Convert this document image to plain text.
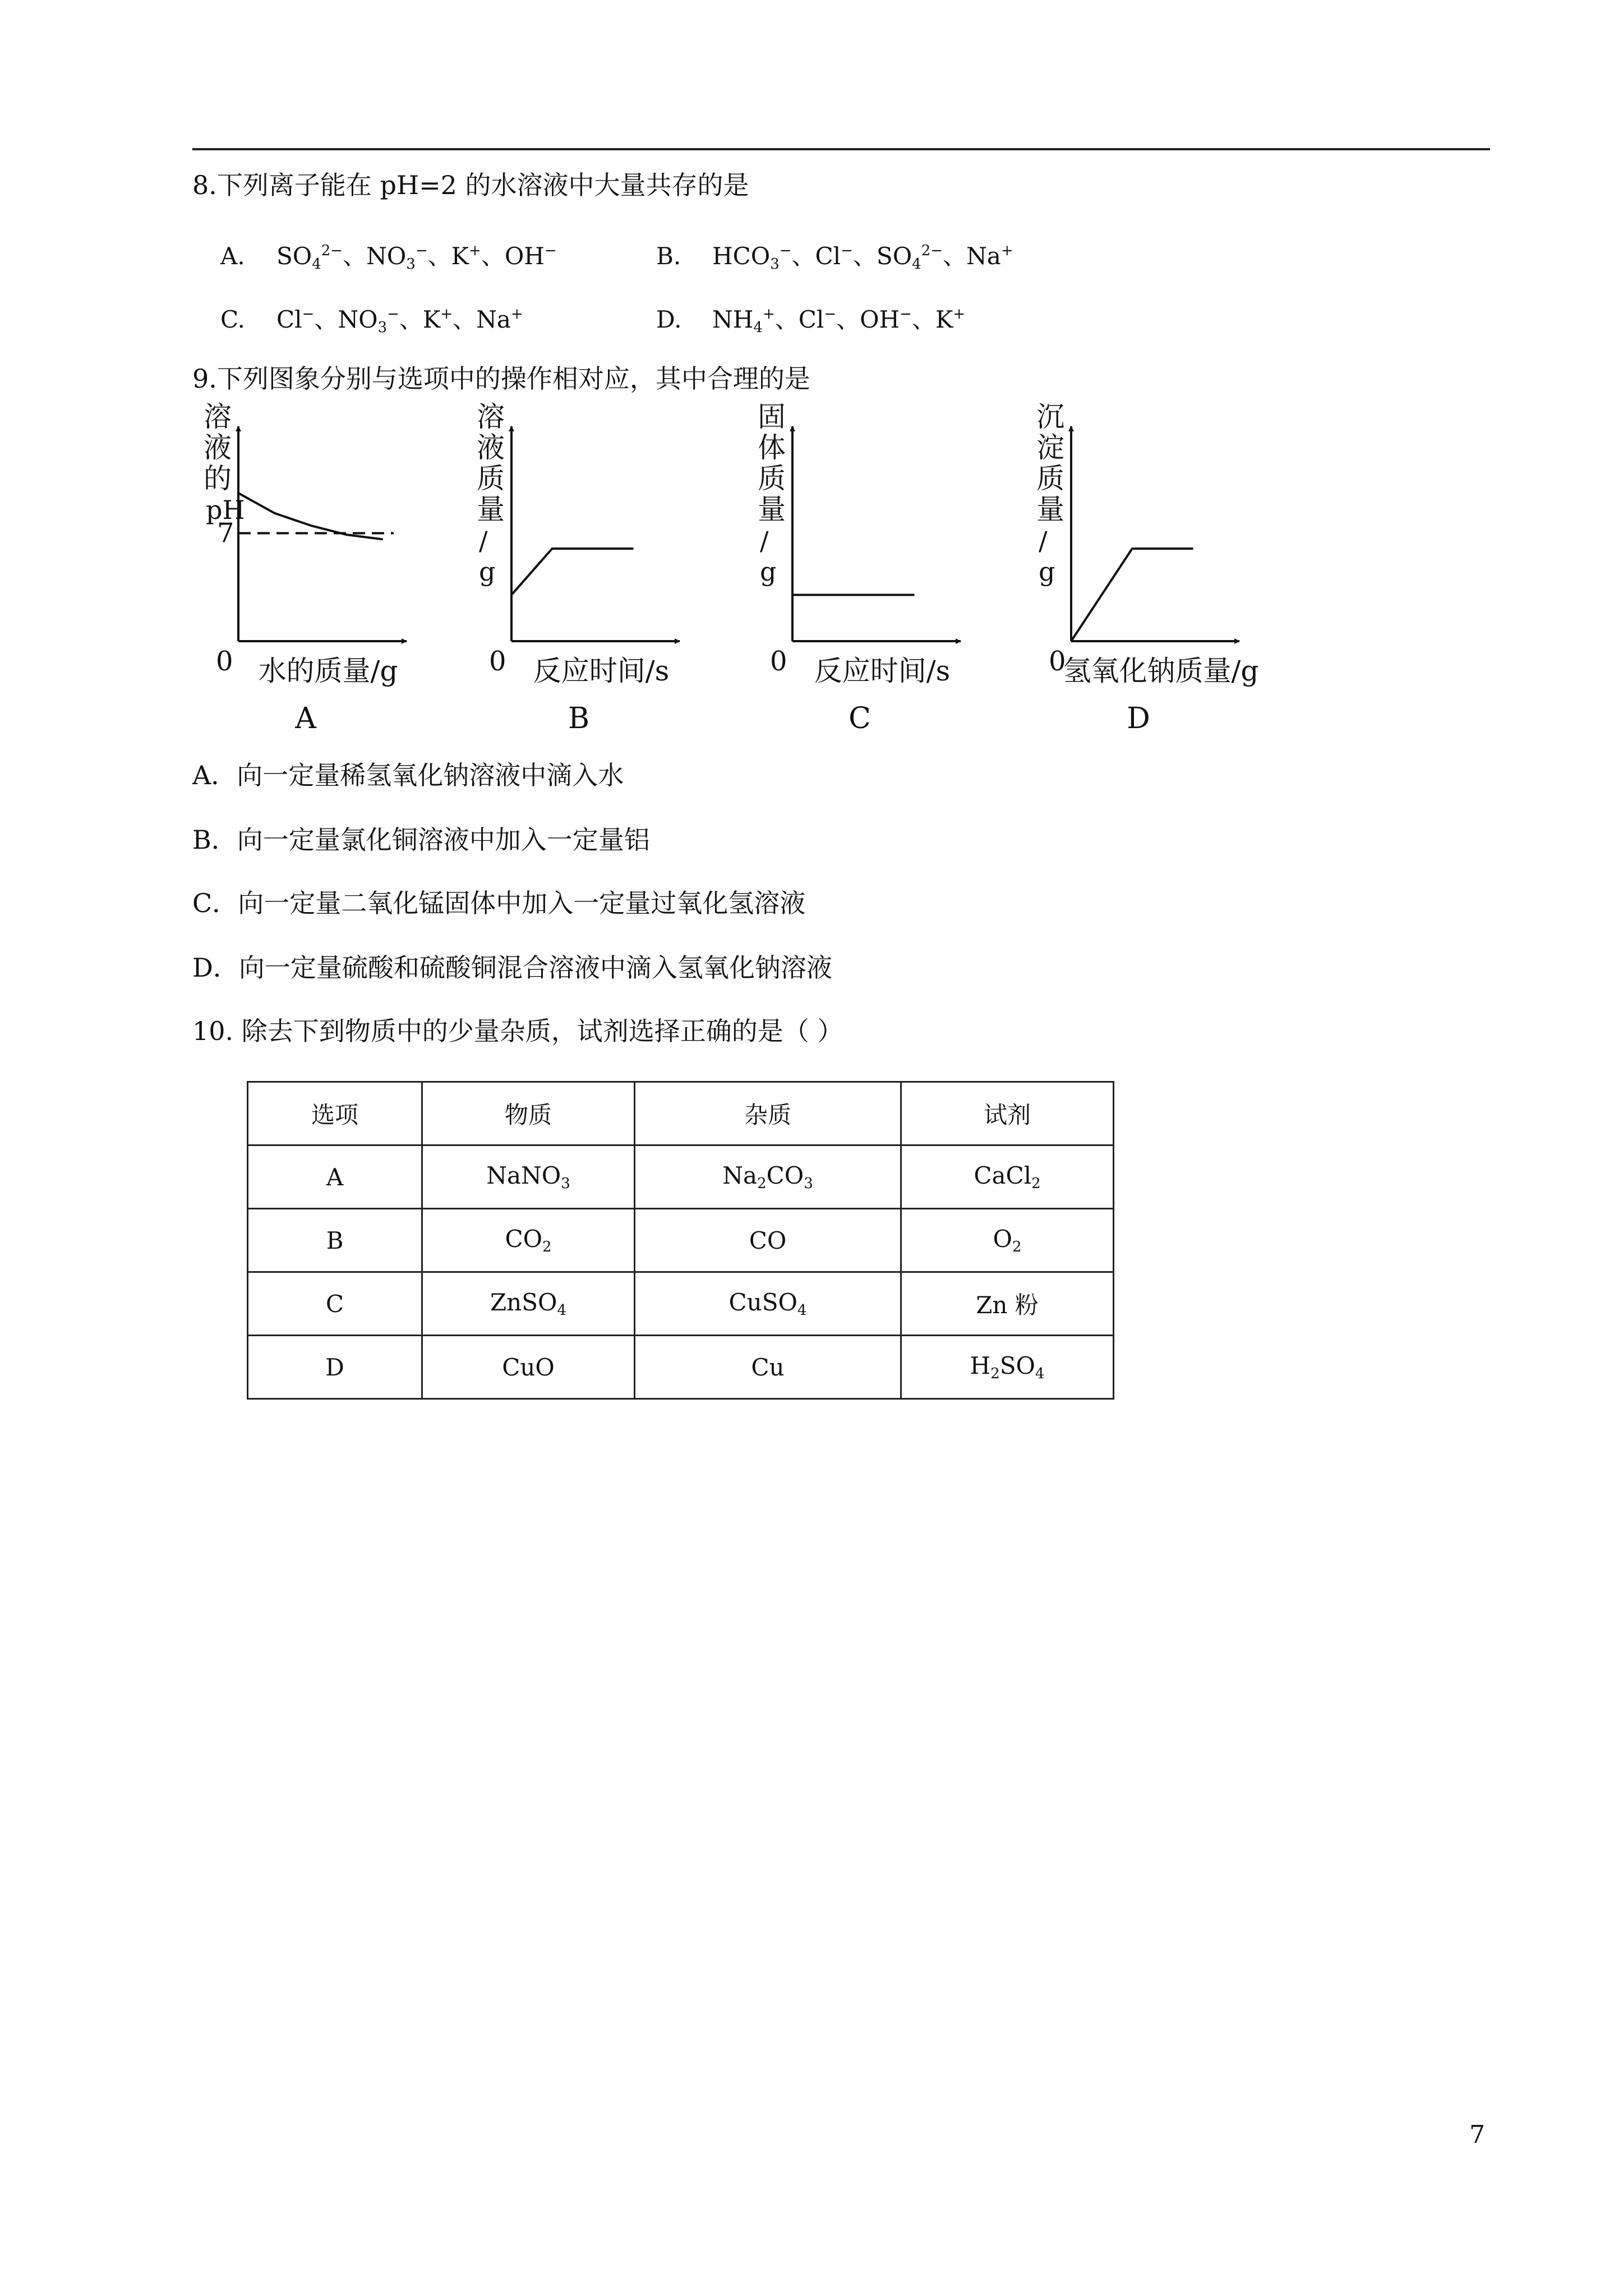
8.下列离子能在 pH=2 的水溶液中大量共存的是
A. $SO_4^{2-}$、$NO_3^-$、K+、OH−	B. $HCO_3^-$、Cl−、$SO_4^{2-}$、Na+
C. Cl−、$NO_3^-$、K+、Na+	D. $NH_4^+$、Cl−、OH−、K+
9.下列图象分别与选项中的操作相对应，其中合理的是
0
7
溶
液
的
pH
水的质量/g
A
0
溶
液
质
量
/
g
反应时间/s
B
0
固
体
质
量
/
g
反应时间/s
C
0
沉
淀
质
量
/
g
氢氧化钠质量/g
D
A．向一定量稀氢氧化钠溶液中滴入水
B．向一定量氯化铜溶液中加入一定量铝
C．向一定量二氧化锰固体中加入一定量过氧化氢溶液
D．向一定量硫酸和硫酸铜混合溶液中滴入氢氧化钠溶液
10. 除去下到物质中的少量杂质，试剂选择正确的是（ ）
选项	物质	杂质	试剂
A	NaNO$_3$	$Na_2CO_3$	CaCl$_2$
B	$CO_2$	CO	$O_2$
C	ZnSO$_4$	CuSO$_4$	Zn 粉
D	CuO	Cu	$H_2SO_4$
7
